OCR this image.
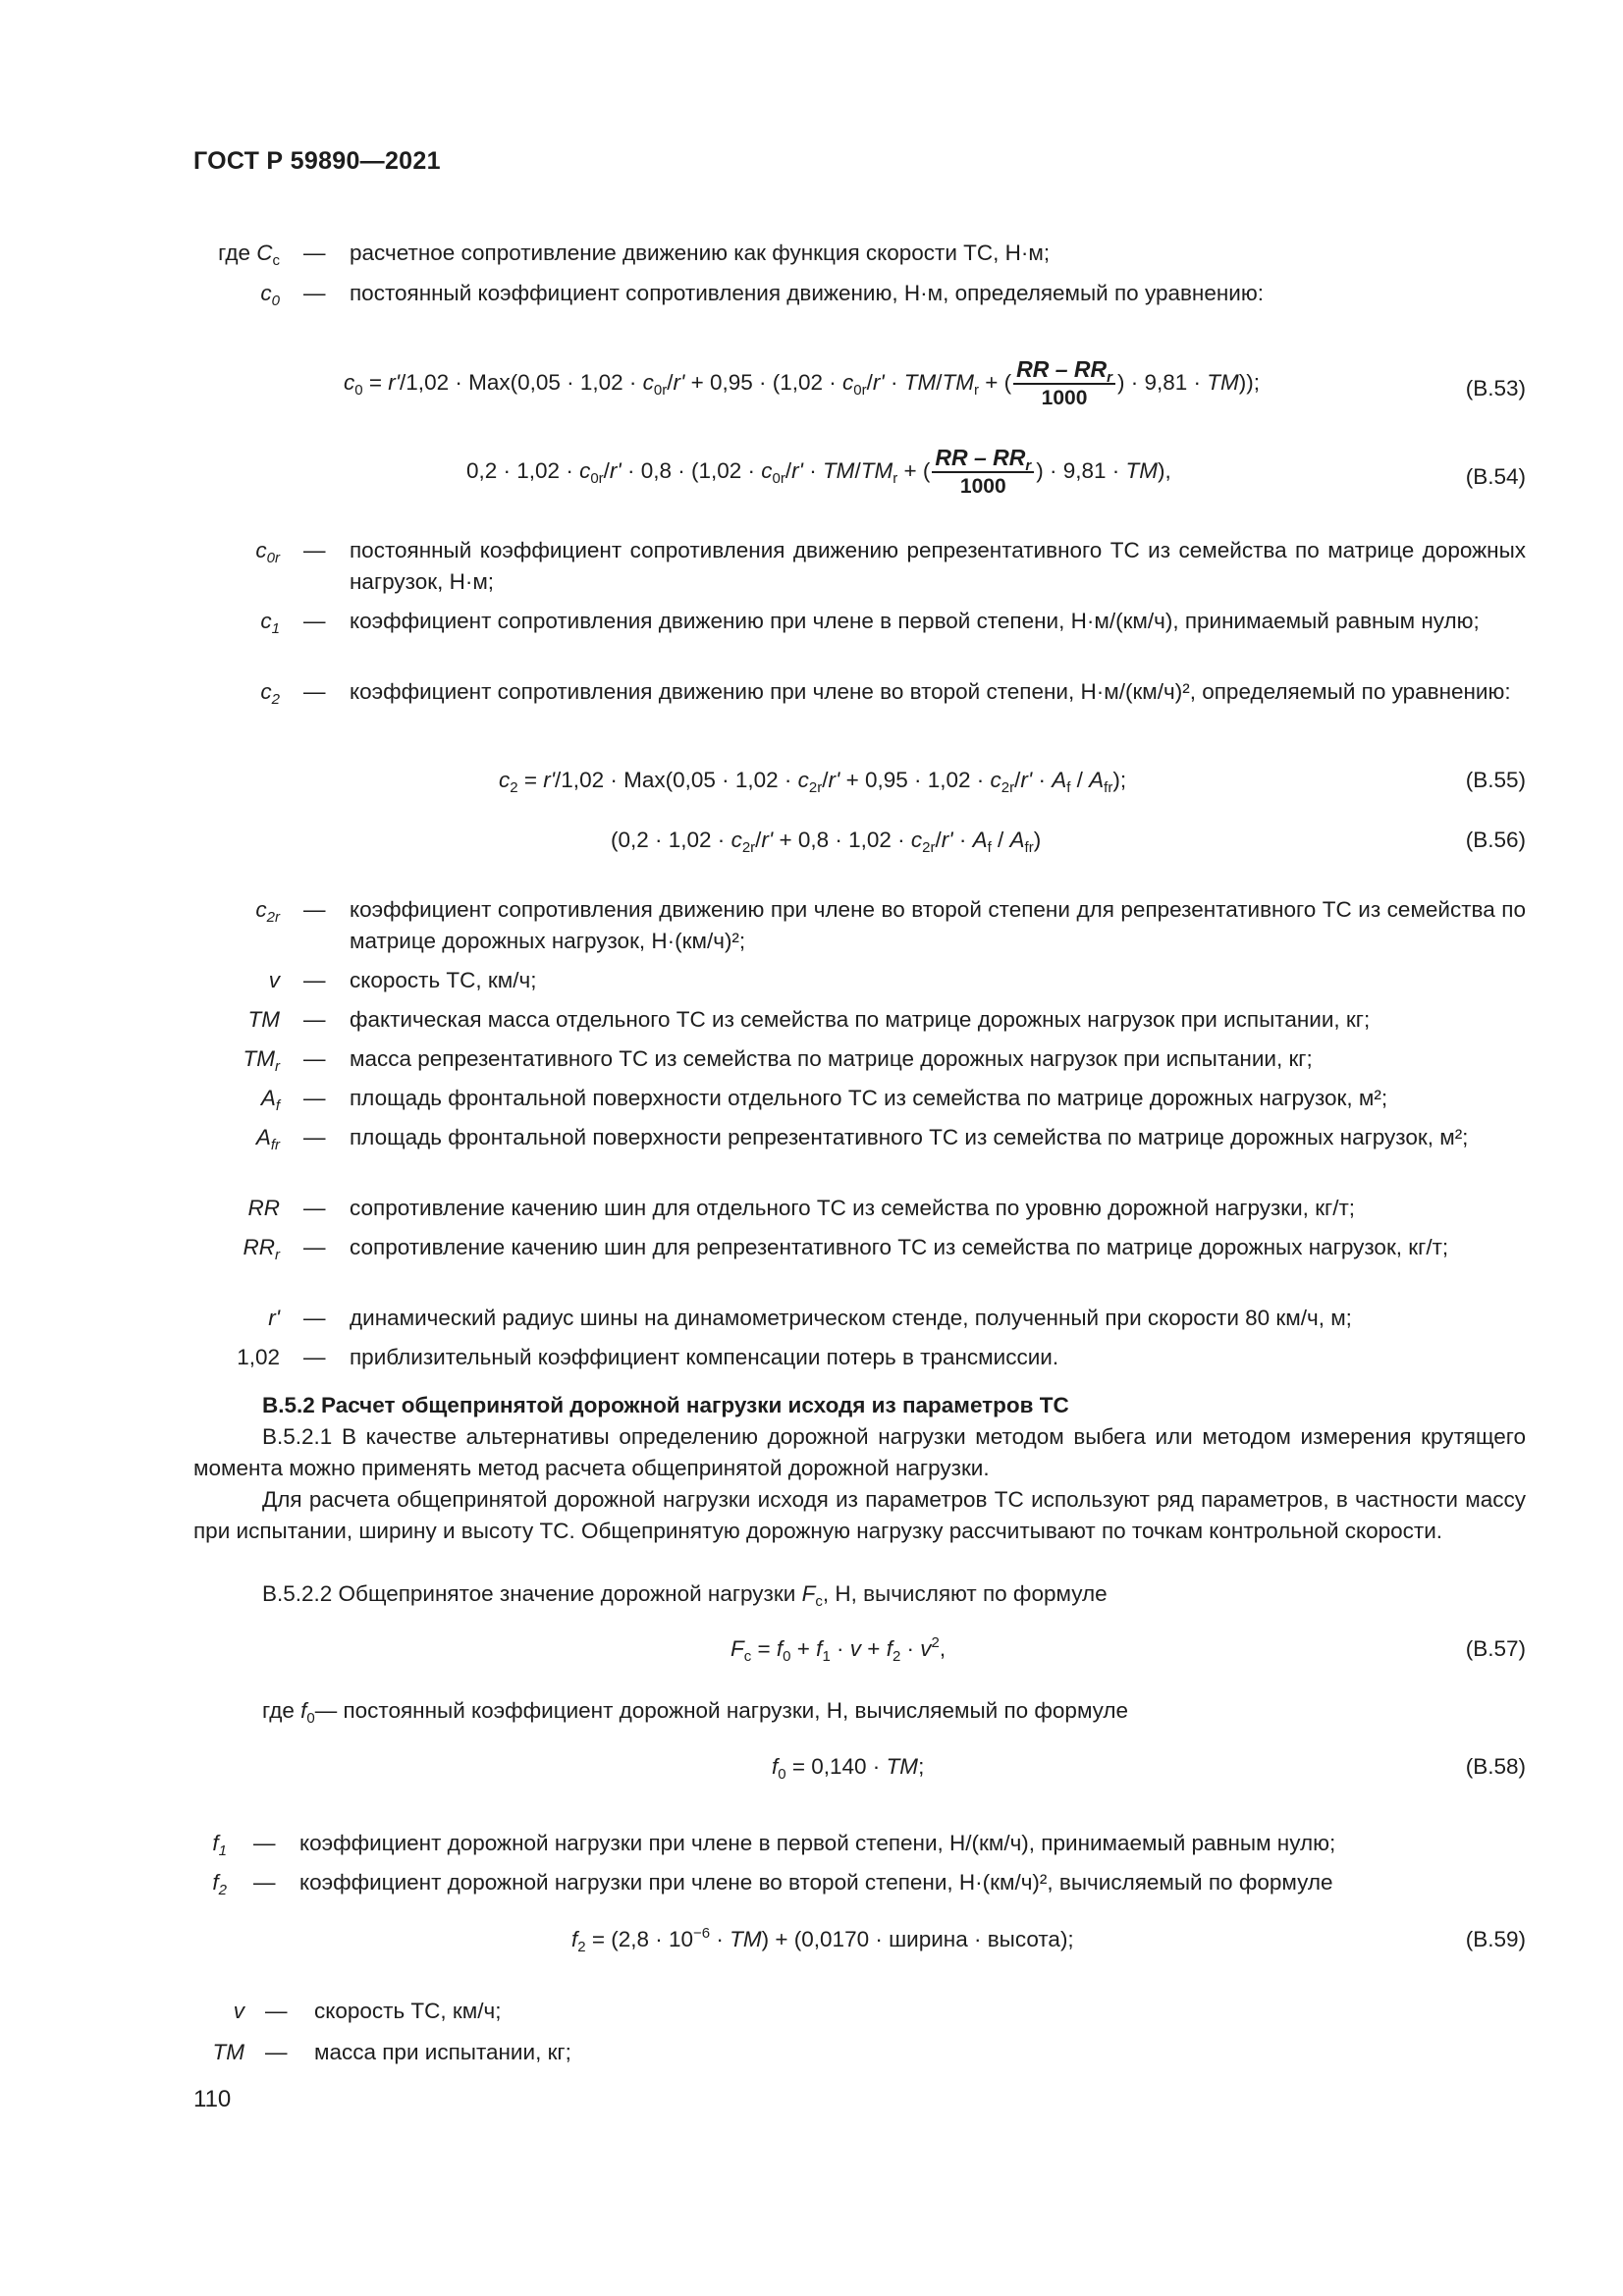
ГОСТ Р 59890—2021
где $C_c$ — расчетное сопротивление движению как функция скорости ТС, Н·м;
$c_0$ — постоянный коэффициент сопротивления движению, Н·м, определяемый по уравнению:
$c_0 = r'/1,02 \cdot Max(0,05 \cdot 1,02 \cdot c_{0r}/r' + 0,95 \cdot (1,02 \cdot c_{0r}/r' \cdot TM/TM_r$ + ( $\frac{RR - RR_r}{1000}$ ) · 9,81 · TM));	(В.53)
$0,2 \cdot 1,02 \cdot c_{0r}/r' \cdot 0,8 \cdot (1,02 \cdot c_{0r}/r' \cdot TM/TM_r$ + ( $\frac{RR - RR_r}{1000}$ ) · 9,81 · TM),	(В.54)
$c_{0r}$ — постоянный коэффициент сопротивления движению репрезентативного ТС из семейства по матрице дорожных нагрузок, Н·м;
$c_1$ — коэффициент сопротивления движению при члене в первой степени, Н·м/(км/ч), принимаемый равным нулю;
$c_2$ — коэффициент сопротивления движению при члене во второй степени, Н·м/(км/ч)², определяемый по уравнению:
$c_2 = r'/1,02 \cdot Max(0,05 \cdot 1,02 \cdot c_{2r}/r' + 0,95 \cdot 1,02 \cdot c_{2r}/r' \cdot A_f / A_{fr})$;	(В.55)
$(0,2 \cdot 1,02 \cdot c_{2r}/r' + 0,8 \cdot 1,02 \cdot c_{2r}/r' \cdot A_f / A_{fr})$	(В.56)
$c_{2r}$ — коэффициент сопротивления движению при члене во второй степени для репрезентативного ТС из семейства по матрице дорожных нагрузок, Н·(км/ч)²;
v — скорость ТС, км/ч;
TM — фактическая масса отдельного ТС из семейства по матрице дорожных нагрузок при испытании, кг;
$TM_r$ — масса репрезентативного ТС из семейства по матрице дорожных нагрузок при испытании, кг;
$A_f$ — площадь фронтальной поверхности отдельного ТС из семейства по матрице дорожных нагрузок, м²;
$A_{fr}$ — площадь фронтальной поверхности репрезентативного ТС из семейства по матрице дорожных нагрузок, м²;
RR — сопротивление качению шин для отдельного ТС из семейства по уровню дорожной нагрузки, кг/т;
$RR_r$ — сопротивление качению шин для репрезентативного ТС из семейства по матрице дорожных нагрузок, кг/т;
r' — динамический радиус шины на динамометрическом стенде, полученный при скорости 80 км/ч, м;
1,02 — приблизительный коэффициент компенсации потерь в трансмиссии.
В.5.2 Расчет общепринятой дорожной нагрузки исходя из параметров ТС
В.5.2.1 В качестве альтернативы определению дорожной нагрузки методом выбега или методом измерения крутящего момента можно применять метод расчета общепринятой дорожной нагрузки.
Для расчета общепринятой дорожной нагрузки исходя из параметров ТС используют ряд параметров, в частности массу при испытании, ширину и высоту ТС. Общепринятую дорожную нагрузку рассчитывают по точкам контрольной скорости.
В.5.2.2 Общепринятое значение дорожной нагрузки $F_c$, Н, вычисляют по формуле
$F_c = f_0 + f_1 \cdot v + f_2 \cdot v^2$,	(В.57)
где $f_0—$ постоянный коэффициент дорожной нагрузки, Н, вычисляемый по формуле
$f_0 = 0,140$ · TM;	(В.58)
$f_1$ — коэффициент дорожной нагрузки при члене в первой степени, Н/(км/ч), принимаемый равным нулю;
$f_2$ — коэффициент дорожной нагрузки при члене во второй степени, Н·(км/ч)², вычисляемый по формуле
$f_2 = (2,8 \cdot 10^{-6} \cdot TM) + (0,0170$ · ширина · высота);	(В.59)
v — скорость ТС, км/ч;
TM — масса при испытании, кг;
110
